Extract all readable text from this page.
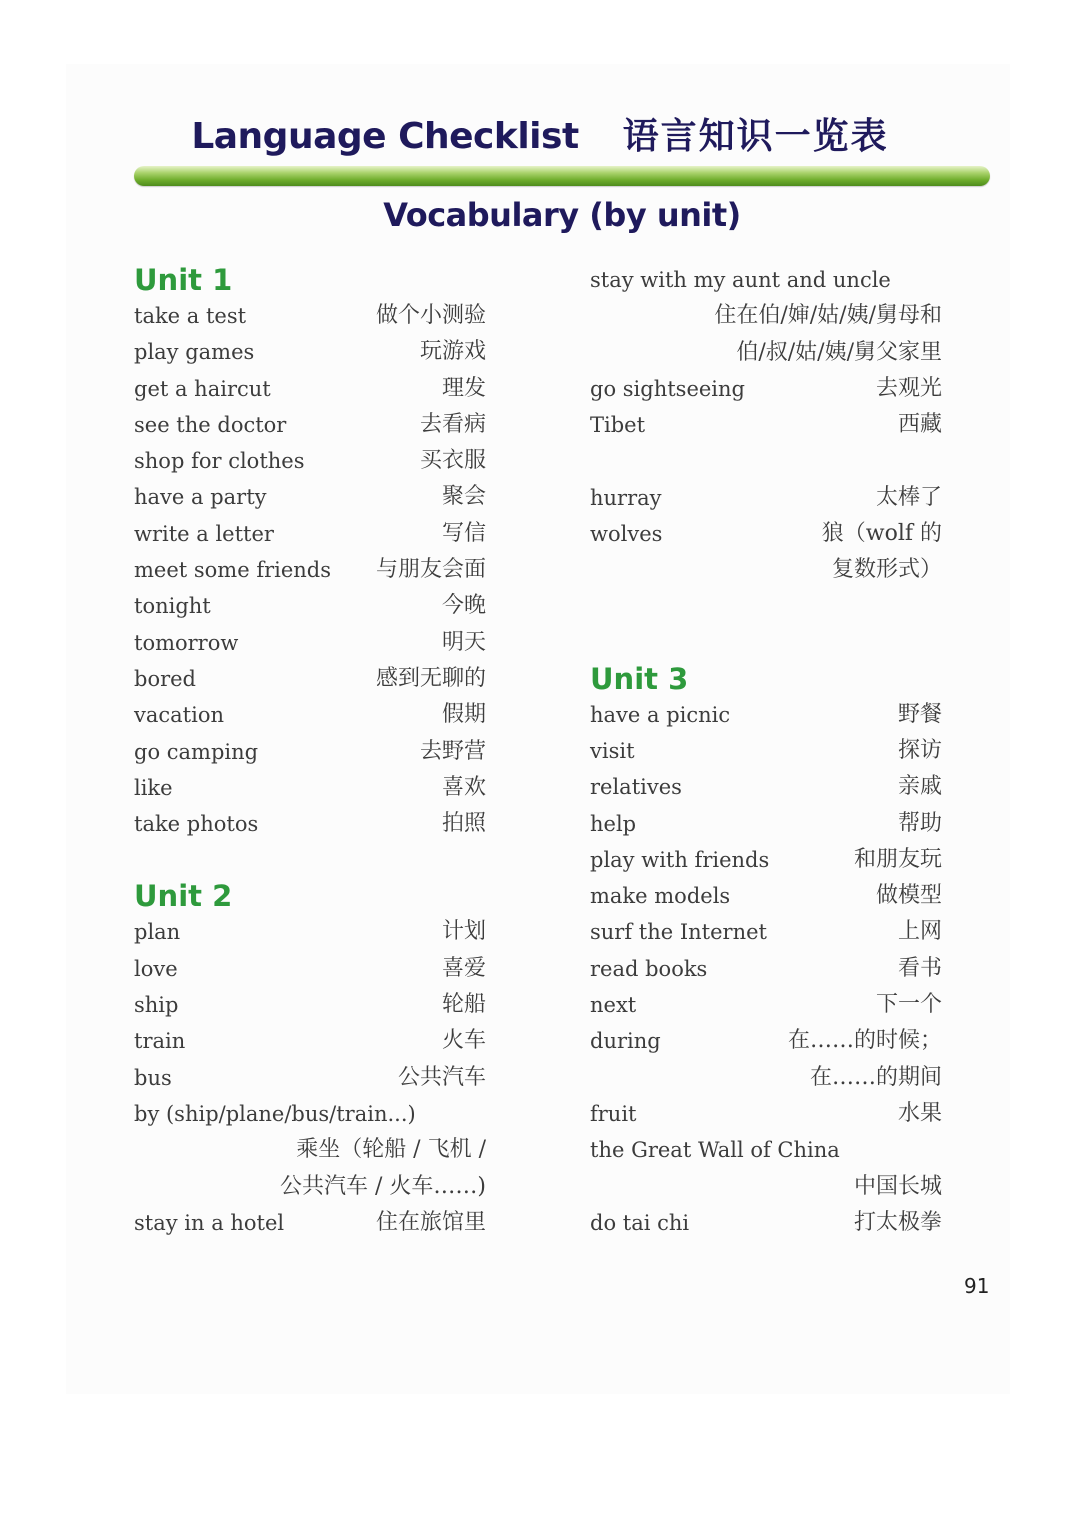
Language Checklist 语言知识一览表
Vocabulary (by unit)
Unit 1
take a test	做个小测验
play games	玩游戏
get a haircut	理发
see the doctor	去看病
shop for clothes	买衣服
have a party	聚会
write a letter	写信
meet some friends 与朋友会面
tonight	今晚
tomorrow	明天
bored	感到无聊的
vacation	假期
go camping	去野营
like	喜欢
take photos	拍照
Unit 2
plan	计划
love	喜爱
ship	轮船
train	火车
bus	公共汽车
by (ship/plane/bus/train...)
乘坐（轮船 / 飞机 /
公共汽车 / 火车……)
stay in a hotel	住在旅馆里
stay with my aunt and uncle
住在伯/婶/姑/姨/舅母和
伯/叔/姑/姨/舅父家里
go sightseeing	去观光
Tibet	西藏
hurray	太棒了
wolves	狼（wolf 的
复数形式）
Unit 3
have a picnic	野餐
visit	探访
relatives	亲戚
help	帮助
play with friends	和朋友玩
make models	做模型
surf the Internet	上网
read books	看书
next	下一个
during	在……的时候；
在……的期间
fruit	水果
the Great Wall of China
中国长城
do tai chi	打太极拳
91
